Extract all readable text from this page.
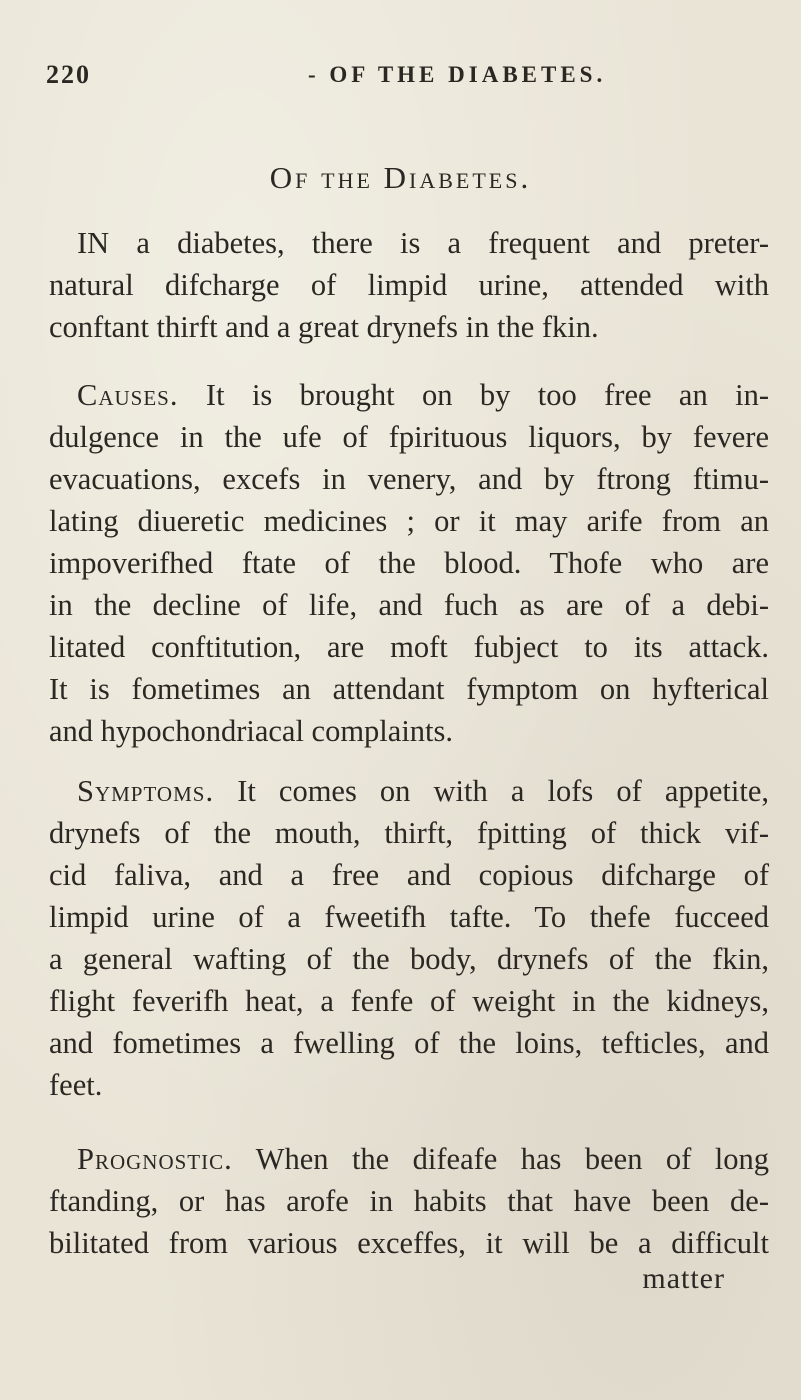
220	- OF THE DIABETES.
Of the Diabetes.
IN a diabetes, there is a frequent and preter-
natural difcharge of limpid urine, attended with
conftant thirft and a great drynefs in the fkin.
Causes. It is brought on by too free an in-
dulgence in the ufe of fpirituous liquors, by fevere
evacuations, excefs in venery, and by ftrong ftimu-
lating diueretic medicines ; or it may arife from an
impoverifhed ftate of the blood. Thofe who are
in the decline of life, and fuch as are of a debi-
litated conftitution, are moft fubject to its attack.
It is fometimes an attendant fymptom on hyfterical
and hypochondriacal complaints.
Symptoms. It comes on with a lofs of appetite,
drynefs of the mouth, thirft, fpitting of thick vif-
cid faliva, and a free and copious difcharge of
limpid urine of a fweetifh tafte. To thefe fucceed
a general wafting of the body, drynefs of the fkin,
flight feverifh heat, a fenfe of weight in the kidneys,
and fometimes a fwelling of the loins, tefticles, and
feet.
Prognostic. When the difeafe has been of long
ftanding, or has arofe in habits that have been de-
bilitated from various exceffes, it will be a difficult
matter
